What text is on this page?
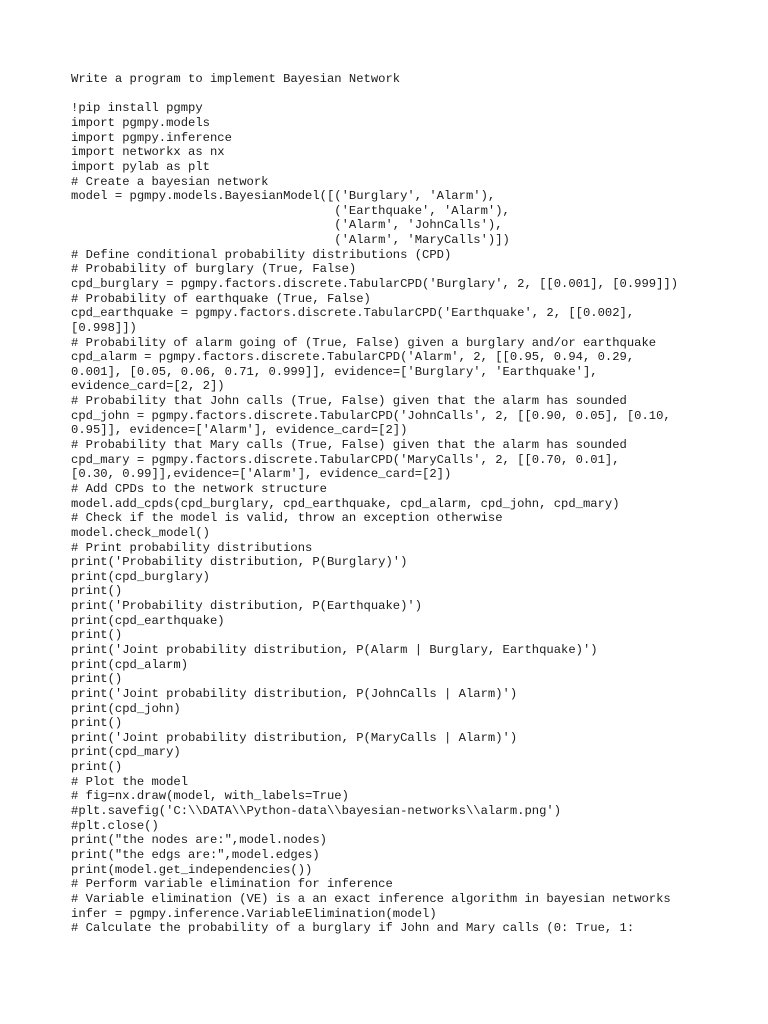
Write a program to implement Bayesian Network
!pip install pgmpy
import pgmpy.models
import pgmpy.inference
import networkx as nx
import pylab as plt
# Create a bayesian network
model = pgmpy.models.BayesianModel([('Burglary', 'Alarm'),
('Earthquake', 'Alarm'),
('Alarm', 'JohnCalls'),
('Alarm', 'MaryCalls')])
# Define conditional probability distributions (CPD)
# Probability of burglary (True, False)
cpd_burglary = pgmpy.factors.discrete.TabularCPD('Burglary', 2, [[0.001], [0.999]])
# Probability of earthquake (True, False)
cpd_earthquake = pgmpy.factors.discrete.TabularCPD('Earthquake', 2, [[0.002],
[0.998]])
# Probability of alarm going of (True, False) given a burglary and/or earthquake
cpd_alarm = pgmpy.factors.discrete.TabularCPD('Alarm', 2, [[0.95, 0.94, 0.29,
0.001], [0.05, 0.06, 0.71, 0.999]], evidence=['Burglary', 'Earthquake'],
evidence_card=[2, 2])
# Probability that John calls (True, False) given that the alarm has sounded
cpd_john = pgmpy.factors.discrete.TabularCPD('JohnCalls', 2, [[0.90, 0.05], [0.10,
0.95]], evidence=['Alarm'], evidence_card=[2])
# Probability that Mary calls (True, False) given that the alarm has sounded
cpd_mary = pgmpy.factors.discrete.TabularCPD('MaryCalls', 2, [[0.70, 0.01],
[0.30, 0.99]],evidence=['Alarm'], evidence_card=[2])
# Add CPDs to the network structure
model.add_cpds(cpd_burglary, cpd_earthquake, cpd_alarm, cpd_john, cpd_mary)
# Check if the model is valid, throw an exception otherwise
model.check_model()
# Print probability distributions
print('Probability distribution, P(Burglary)')
print(cpd_burglary)
print()
print('Probability distribution, P(Earthquake)')
print(cpd_earthquake)
print()
print('Joint probability distribution, P(Alarm | Burglary, Earthquake)')
print(cpd_alarm)
print()
print('Joint probability distribution, P(JohnCalls | Alarm)')
print(cpd_john)
print()
print('Joint probability distribution, P(MaryCalls | Alarm)')
print(cpd_mary)
print()
# Plot the model
# fig=nx.draw(model, with_labels=True)
#plt.savefig('C:\\DATA\\Python-data\\bayesian-networks\\alarm.png')
#plt.close()
print("the nodes are:",model.nodes)
print("the edgs are:",model.edges)
print(model.get_independencies())
# Perform variable elimination for inference
# Variable elimination (VE) is a an exact inference algorithm in bayesian networks
infer = pgmpy.inference.VariableElimination(model)
# Calculate the probability of a burglary if John and Mary calls (0: True, 1:
